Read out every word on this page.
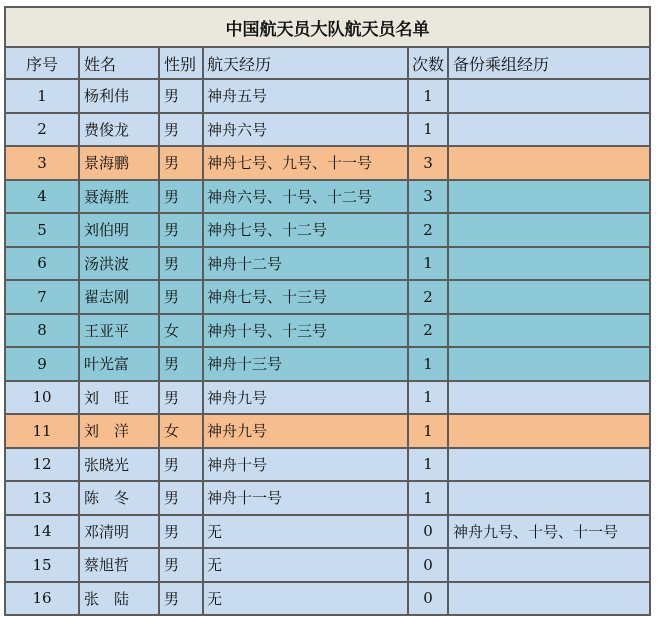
中国航天员大队航天员名单					
序号	姓名	性别	航天经历	次数	备份乘组经历
1	杨利伟	男	神舟五号	1	
2	费俊龙	男	神舟六号	1	
3	景海鹏	男	神舟七号、九号、十一号	3	
4	聂海胜	男	神舟六号、十号、十二号	3	
5	刘伯明	男	神舟七号、十二号	2	
6	汤洪波	男	神舟十二号	1	
7	翟志刚	男	神舟七号、十三号	2	
8	王亚平	女	神舟十号、十三号	2	
9	叶光富	男	神舟十三号	1	
10	刘　旺	男	神舟九号	1	
11	刘　洋	女	神舟九号	1	
12	张晓光	男	神舟十号	1	
13	陈　冬	男	神舟十一号	1	
14	邓清明	男	无	0	神舟九号、十号、十一号
15	蔡旭哲	男	无	0	
16	张　陆	男	无	0	
